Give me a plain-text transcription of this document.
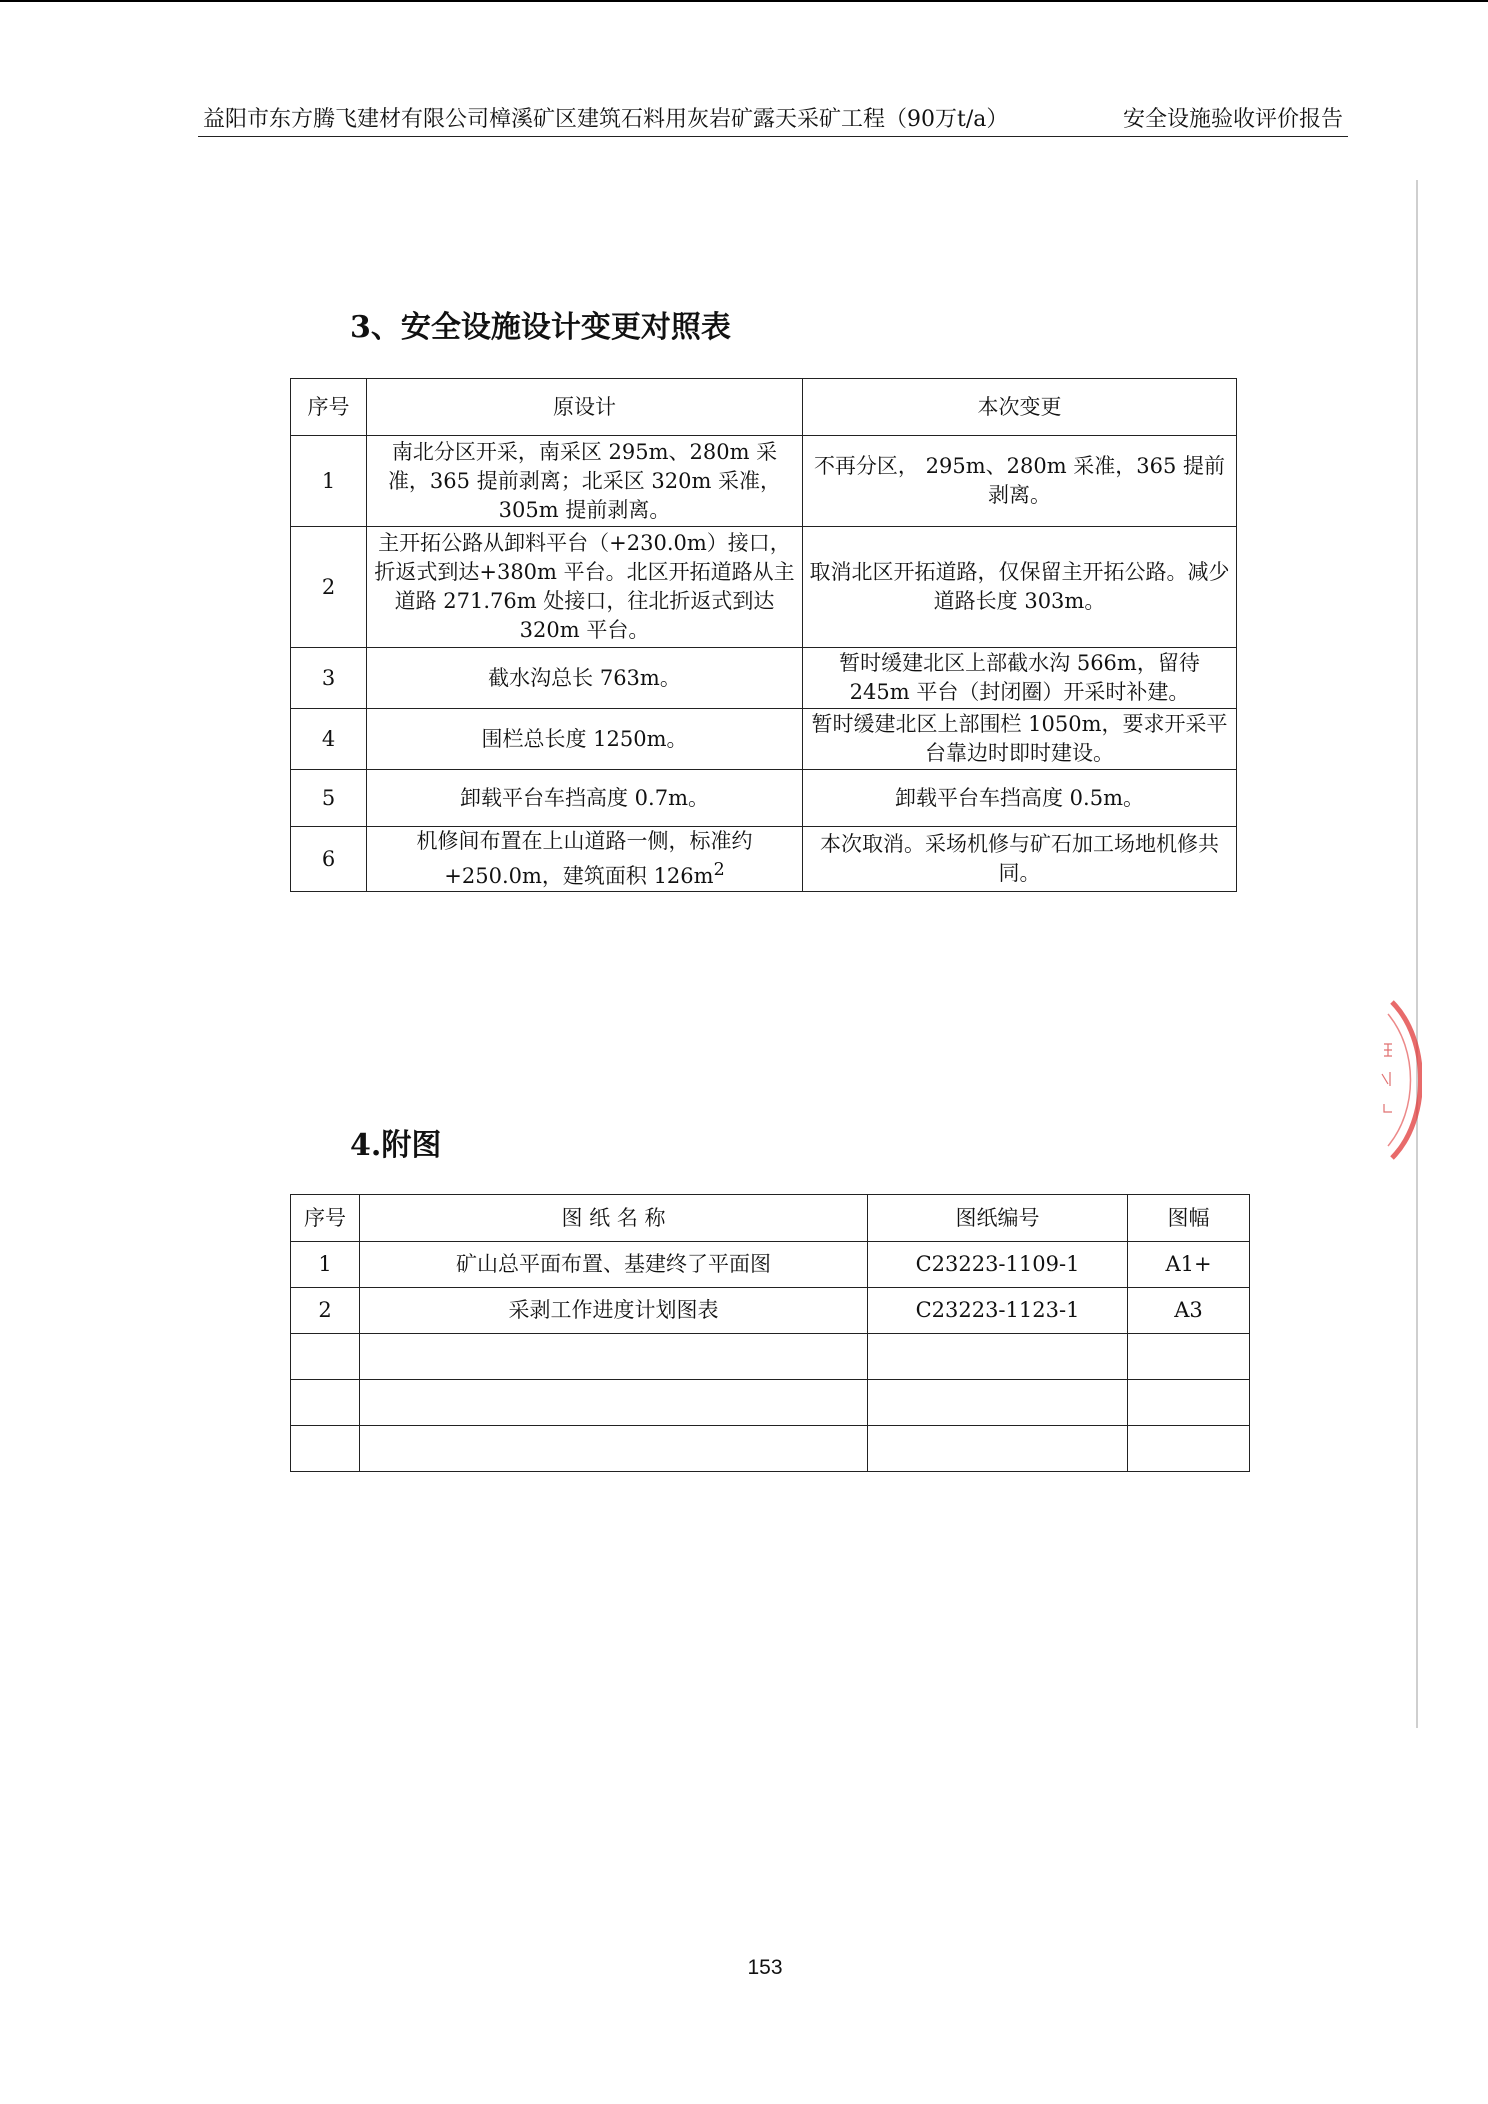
益阳市东方腾飞建材有限公司樟溪矿区建筑石料用灰岩矿露天采矿工程（90万t/a）	安全设施验收评价报告
3、安全设施设计变更对照表
序号	原设计	本次变更
1	南北分区开采，南采区 295m、280m 采准，365 提前剥离；北采区 320m 采准，305m 提前剥离。	不再分区， 295m、280m 采准，365 提前剥离。
2	主开拓公路从卸料平台（+230.0m）接口，折返式到达+380m 平台。北区开拓道路从主道路 271.76m 处接口，往北折返式到达 320m 平台。	取消北区开拓道路，仅保留主开拓公路。减少道路长度 303m。
3	截水沟总长 763m。	暂时缓建北区上部截水沟 566m，留待 245m 平台（封闭圈）开采时补建。
4	围栏总长度 1250m。	暂时缓建北区上部围栏 1050m，要求开采平台靠边时即时建设。
5	卸载平台车挡高度 0.7m。	卸载平台车挡高度 0.5m。
6	机修间布置在上山道路一侧，标准约 +250.0m，建筑面积 $126m^2$	本次取消。采场机修与矿石加工场地机修共同。
4.附图
序号	图 纸 名 称	图纸编号	图幅
1	矿山总平面布置、基建终了平面图	C23223-1109-1	A1+
2	采剥工作进度计划图表	C23223-1123-1	A3

153
